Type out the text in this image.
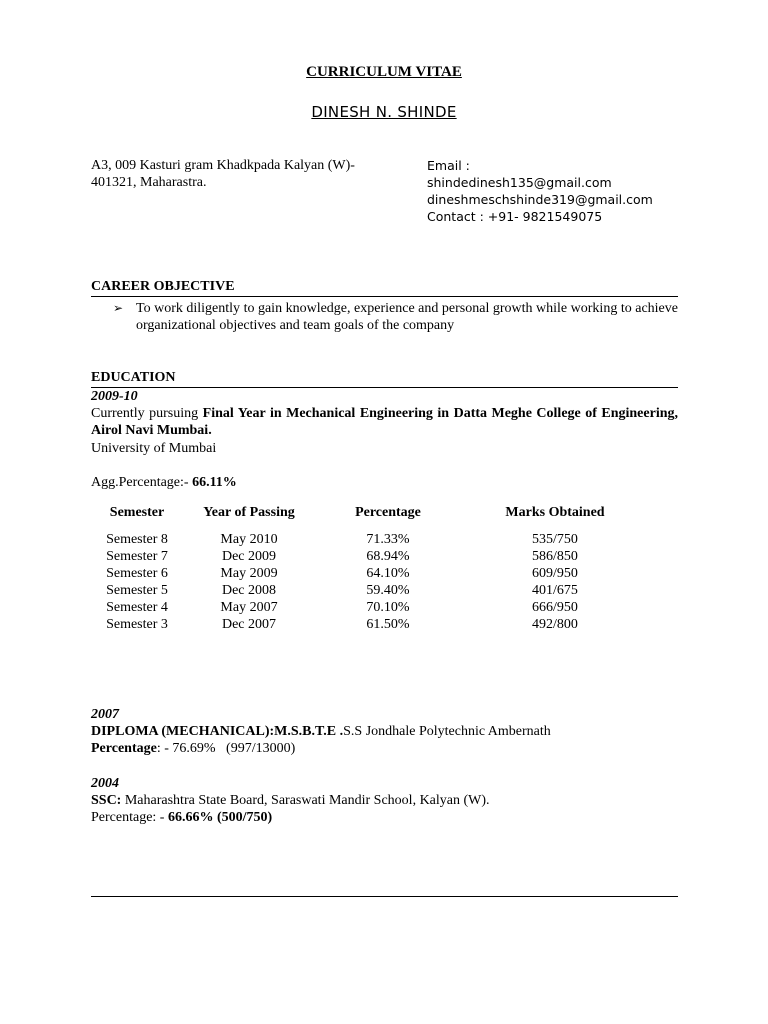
CURRICULUM VITAE
DINESH N. SHINDE
A3, 009 Kasturi gram Khadkpada Kalyan (W)-
401321, Maharastra.
Email :
shindedinesh135@gmail.com
dineshmeschshinde319@gmail.com
Contact : +91- 9821549075
CAREER OBJECTIVE
➢ To work diligently to gain knowledge, experience and personal growth while working to achieve organizational objectives and team goals of the company
EDUCATION
2009-10
Currently pursuing Final Year in Mechanical Engineering in Datta Meghe College of Engineering, Airol Navi Mumbai.
University of Mumbai
Agg.Percentage:- 66.11%
Semester	Year of Passing	Percentage	Marks Obtained
Semester 8	May 2010	71.33%	535/750
Semester 7	Dec 2009	68.94%	586/850
Semester 6	May 2009	64.10%	609/950
Semester 5	Dec 2008	59.40%	401/675
Semester 4	May 2007	70.10%	666/950
Semester 3	Dec 2007	61.50%	492/800
2007
DIPLOMA (MECHANICAL):M.S.B.T.E .S.S Jondhale Polytechnic Ambernath
Percentage: - 76.69%   (997/13000)
2004
SSC: Maharashtra State Board, Saraswati Mandir School, Kalyan (W).
Percentage: - 66.66% (500/750)
